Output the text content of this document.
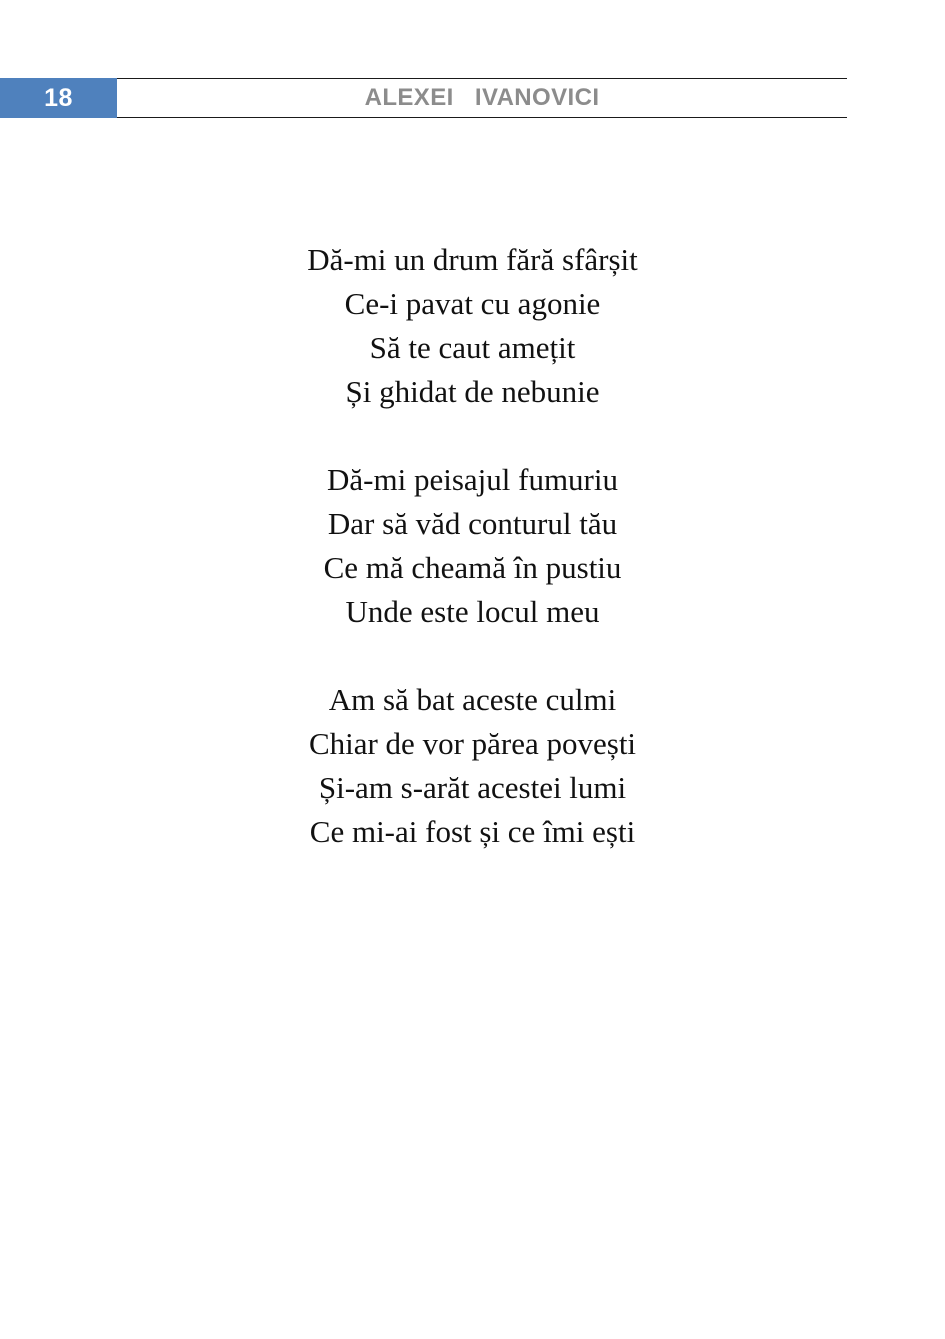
18	ALEXEI   IVANOVICI
Dă-mi un drum fără sfârșit
Ce-i pavat cu agonie
Să te caut amețit
Și ghidat de nebunie
Dă-mi peisajul fumuriu
Dar să văd conturul tău
Ce mă cheamă în pustiu
Unde este locul meu
Am să bat aceste culmi
Chiar de vor părea povești
Și-am s-arăt acestei lumi
Ce mi-ai fost și ce îmi ești
